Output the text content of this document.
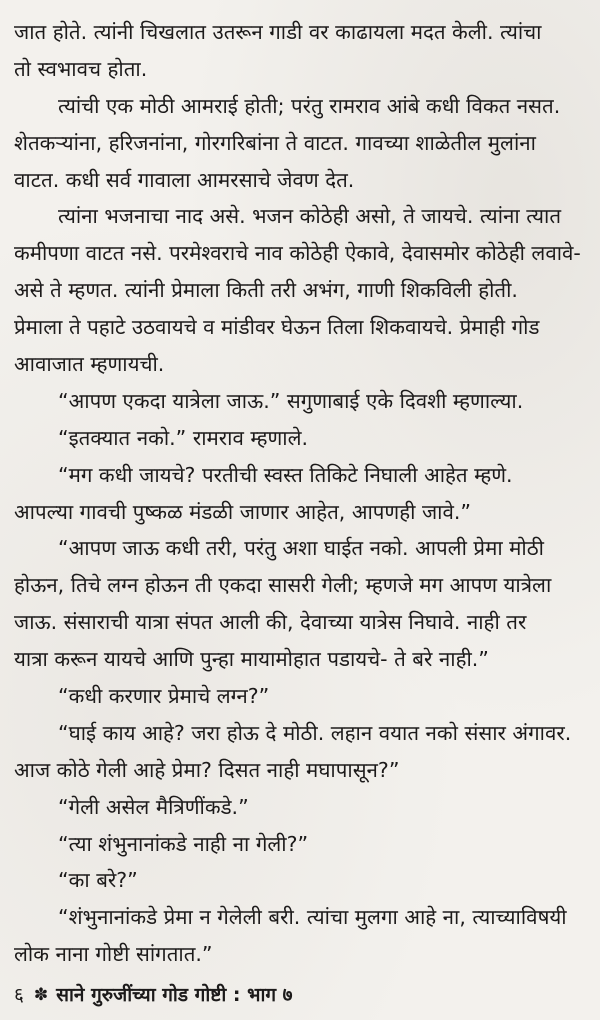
जात होते. त्यांनी चिखलात उतरून गाडी वर काढायला मदत केली. त्यांचा
तो स्वभावच होता.
त्यांची एक मोठी आमराई होती; परंतु रामराव आंबे कधी विकत नसत.
शेतकऱ्यांना, हरिजनांना, गोरगरिबांना ते वाटत. गावच्या शाळेतील मुलांना
वाटत. कधी सर्व गावाला आमरसाचे जेवण देत.
त्यांना भजनाचा नाद असे. भजन कोठेही असो, ते जायचे. त्यांना त्यात
कमीपणा वाटत नसे. परमेश्वराचे नाव कोठेही ऐकावे, देवासमोर कोठेही लवावे-
असे ते म्हणत. त्यांनी प्रेमाला किती तरी अभंग, गाणी शिकविली होती.
प्रेमाला ते पहाटे उठवायचे व मांडीवर घेऊन तिला शिकवायचे. प्रेमाही गोड
आवाजात म्हणायची.
“आपण एकदा यात्रेला जाऊ.” सगुणाबाई एके दिवशी म्हणाल्या.
“इतक्यात नको.” रामराव म्हणाले.
“मग कधी जायचे? परतीची स्वस्त तिकिटे निघाली आहेत म्हणे.
आपल्या गावची पुष्कळ मंडळी जाणार आहेत, आपणही जावे.”
“आपण जाऊ कधी तरी, परंतु अशा घाईत नको. आपली प्रेमा मोठी
होऊन, तिचे लग्न होऊन ती एकदा सासरी गेली; म्हणजे मग आपण यात्रेला
जाऊ. संसाराची यात्रा संपत आली की, देवाच्या यात्रेस निघावे. नाही तर
यात्रा करून यायचे आणि पुन्हा मायामोहात पडायचे- ते बरे नाही.”
“कधी करणार प्रेमाचे लग्न?”
“घाई काय आहे? जरा होऊ दे मोठी. लहान वयात नको संसार अंगावर.
आज कोठे गेली आहे प्रेमा? दिसत नाही मघापासून?”
“गेली असेल मैत्रिणींकडे.”
“त्या शंभुनानांकडे नाही ना गेली?”
“का बरे?”
“शंभुनानांकडे प्रेमा न गेलेली बरी. त्यांचा मुलगा आहे ना, त्याच्याविषयी
लोक नाना गोष्टी सांगतात.”
६ ✽ साने गुरुजींच्या गोड गोष्टी : भाग ७
